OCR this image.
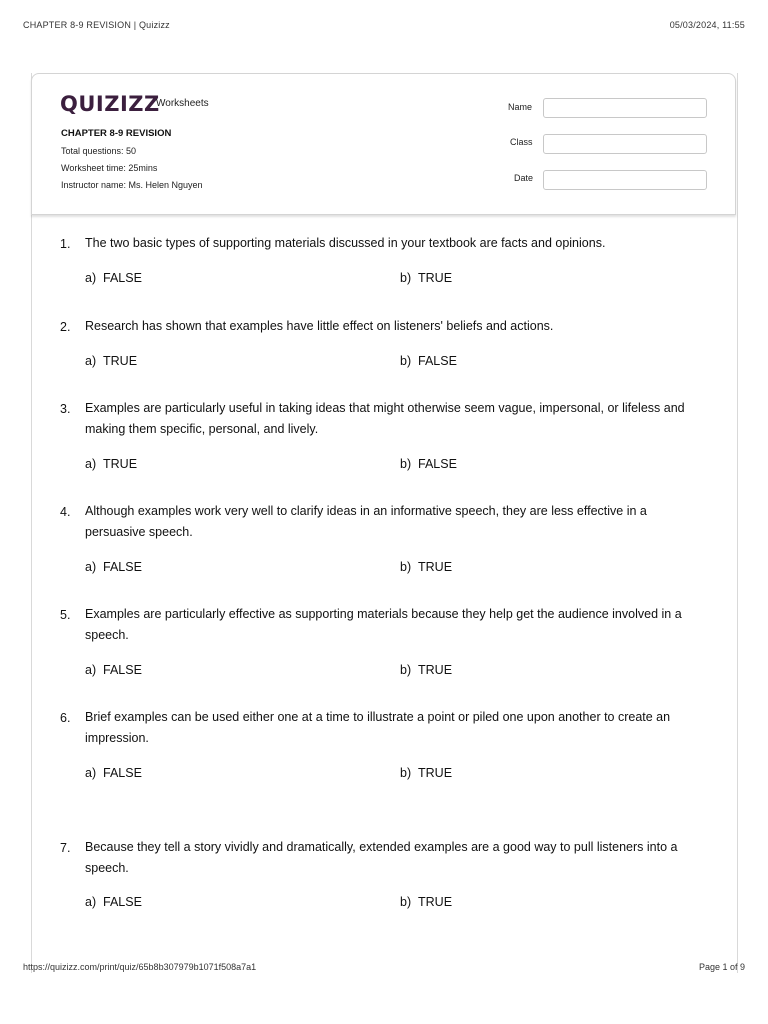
CHAPTER 8-9 REVISION | Quizizz	05/03/2024, 11:55
QUIZIZZ
Worksheets
CHAPTER 8-9 REVISION
Total questions: 50
Worksheet time: 25mins
Instructor name: Ms. Helen Nguyen
Name
Class
Date
1. The two basic types of supporting materials discussed in your textbook are facts and opinions.
a) FALSE	b) TRUE
2. Research has shown that examples have little effect on listeners' beliefs and actions.
a) TRUE	b) FALSE
3. Examples are particularly useful in taking ideas that might otherwise seem vague, impersonal, or lifeless and making them specific, personal, and lively.
a) TRUE	b) FALSE
4. Although examples work very well to clarify ideas in an informative speech, they are less effective in a persuasive speech.
a) FALSE	b) TRUE
5. Examples are particularly effective as supporting materials because they help get the audience involved in a speech.
a) FALSE	b) TRUE
6. Brief examples can be used either one at a time to illustrate a point or piled one upon another to create an impression.
a) FALSE	b) TRUE
7. Because they tell a story vividly and dramatically, extended examples are a good way to pull listeners into a speech.
a) FALSE	b) TRUE
https://quizizz.com/print/quiz/65b8b307979b1071f508a7a1	Page 1 of 9
